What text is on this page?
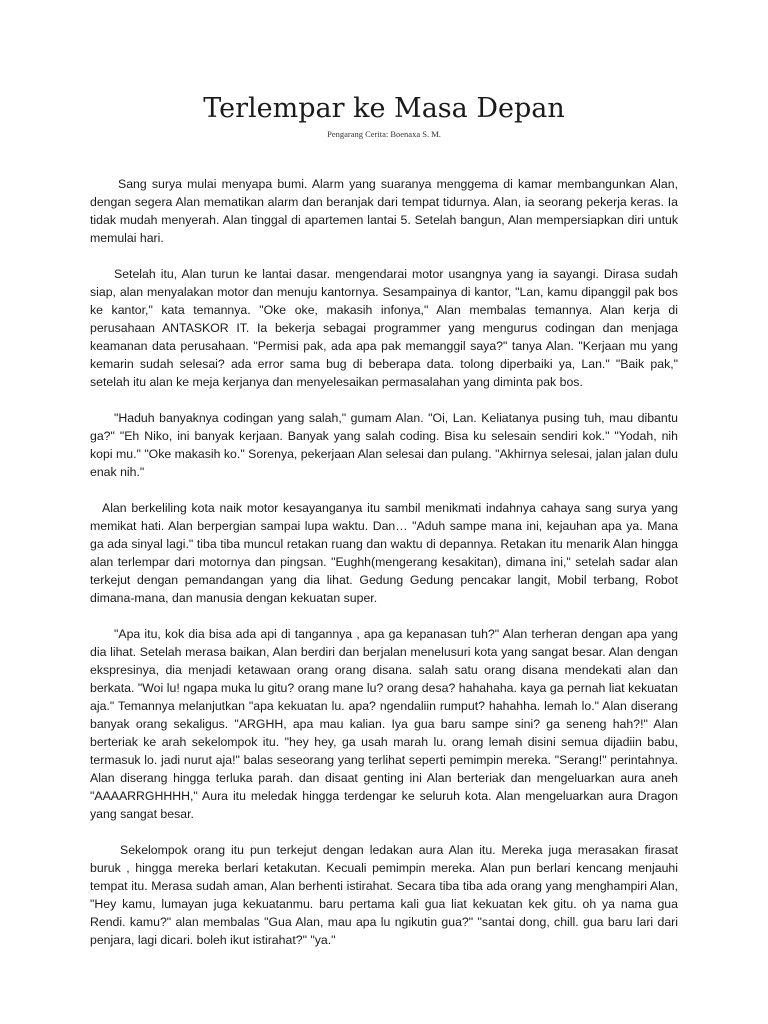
Terlempar ke Masa Depan

Pengarang Cerita: Boenaxa S. M.

Sang surya mulai menyapa bumi. Alarm yang suaranya menggema di kamar membangunkan Alan, dengan segera Alan mematikan alarm dan beranjak dari tempat tidurnya. Alan, ia seorang pekerja keras. Ia tidak mudah menyerah. Alan tinggal di apartemen lantai 5. Setelah bangun, Alan mempersiapkan diri untuk memulai hari.

Setelah itu, Alan turun ke lantai dasar. mengendarai motor usangnya yang ia sayangi. Dirasa sudah siap, alan menyalakan motor dan menuju kantornya. Sesampainya di kantor, "Lan, kamu dipanggil pak bos ke kantor," kata temannya. "Oke oke, makasih infonya," Alan membalas temannya. Alan kerja di perusahaan ANTASKOR IT. Ia bekerja sebagai programmer yang mengurus codingan dan menjaga keamanan data perusahaan. "Permisi pak, ada apa pak memanggil saya?" tanya Alan. "Kerjaan mu yang kemarin sudah selesai? ada error sama bug di beberapa data. tolong diperbaiki ya, Lan." "Baik pak," setelah itu alan ke meja kerjanya dan menyelesaikan permasalahan yang diminta pak bos.

"Haduh banyaknya codingan yang salah," gumam Alan. "Oi, Lan. Keliatanya pusing tuh, mau dibantu ga?" "Eh Niko, ini banyak kerjaan. Banyak yang salah coding. Bisa ku selesain sendiri kok." "Yodah, nih kopi mu." "Oke makasih ko." Sorenya, pekerjaan Alan selesai dan pulang. "Akhirnya selesai, jalan jalan dulu enak nih."

Alan berkeliling kota naik motor kesayanganya itu sambil menikmati indahnya cahaya sang surya yang memikat hati. Alan berpergian sampai lupa waktu. Dan… "Aduh sampe mana ini, kejauhan apa ya. Mana ga ada sinyal lagi." tiba tiba muncul retakan ruang dan waktu di depannya. Retakan itu menarik Alan hingga alan terlempar dari motornya dan pingsan. "Eughh(mengerang kesakitan), dimana ini," setelah sadar alan terkejut dengan pemandangan yang dia lihat. Gedung Gedung pencakar langit, Mobil terbang, Robot dimana-mana, dan manusia dengan kekuatan super.

"Apa itu, kok dia bisa ada api di tangannya , apa ga kepanasan tuh?" Alan terheran dengan apa yang dia lihat. Setelah merasa baikan, Alan berdiri dan berjalan menelusuri kota yang sangat besar. Alan dengan ekspresinya, dia menjadi ketawaan orang orang disana. salah satu orang disana mendekati alan dan berkata. "Woi lu! ngapa muka lu gitu? orang mane lu? orang desa? hahahaha. kaya ga pernah liat kekuatan aja." Temannya melanjutkan "apa kekuatan lu. apa? ngendaliin rumput? hahahha. lemah lo." Alan diserang banyak orang sekaligus. "ARGHH, apa mau kalian. Iya gua baru sampe sini? ga seneng hah?!" Alan berteriak ke arah sekelompok itu. "hey hey, ga usah marah lu. orang lemah disini semua dijadiin babu, termasuk lo. jadi nurut aja!" balas seseorang yang terlihat seperti pemimpin mereka. "Serang!" perintahnya. Alan diserang hingga terluka parah. dan disaat genting ini Alan berteriak dan mengeluarkan aura aneh "AAAARRGHHHH," Aura itu meledak hingga terdengar ke seluruh kota. Alan mengeluarkan aura Dragon yang sangat besar.

Sekelompok orang itu pun terkejut dengan ledakan aura Alan itu. Mereka juga merasakan firasat buruk , hingga mereka berlari ketakutan. Kecuali pemimpin mereka. Alan pun berlari kencang menjauhi tempat itu. Merasa sudah aman, Alan berhenti istirahat. Secara tiba tiba ada orang yang menghampiri Alan, "Hey kamu, lumayan juga kekuatanmu. baru pertama kali gua liat kekuatan kek gitu. oh ya nama gua Rendi. kamu?" alan membalas "Gua Alan, mau apa lu ngikutin gua?" "santai dong, chill. gua baru lari dari penjara, lagi dicari. boleh ikut istirahat?" "ya."
